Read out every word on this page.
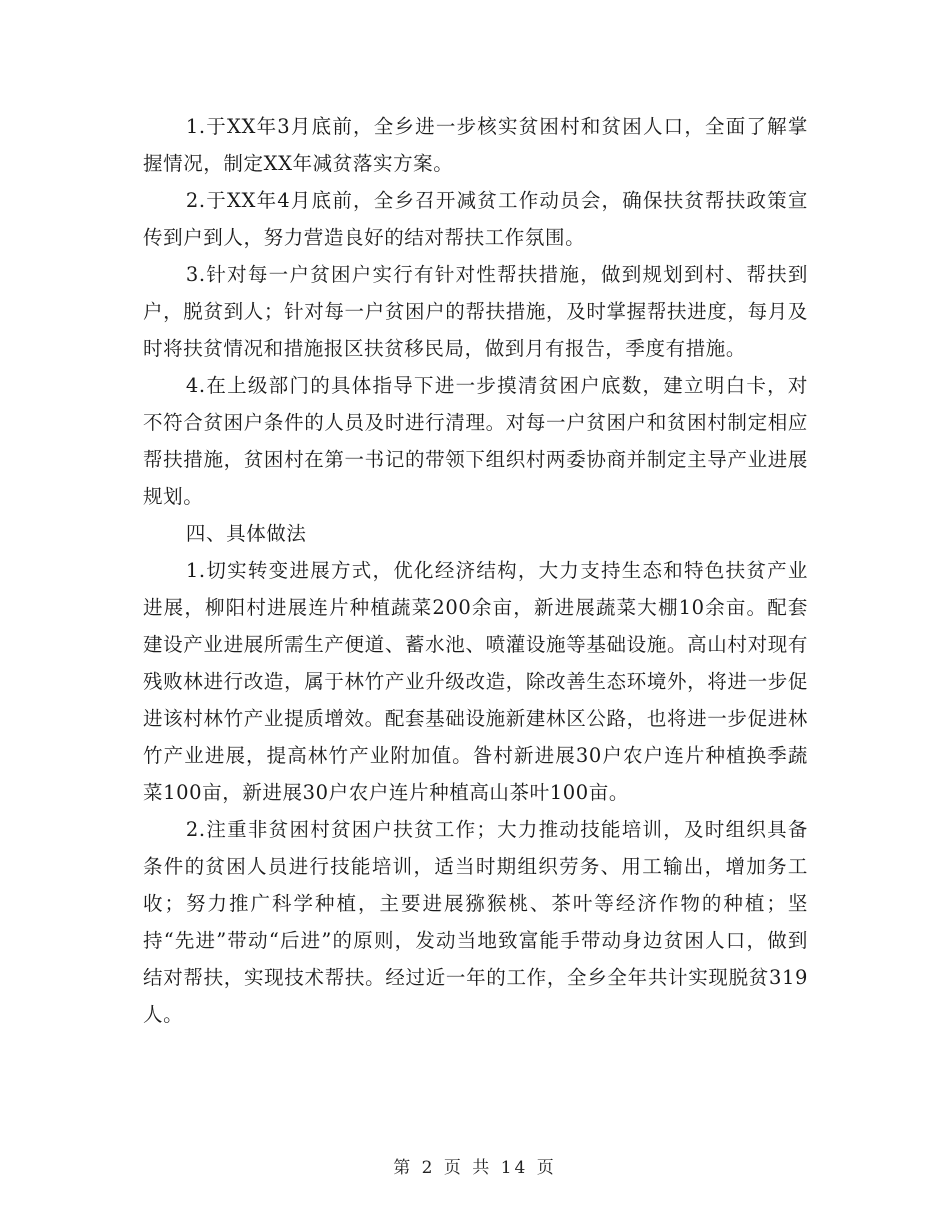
1.于XX年3月底前，全乡进一步核实贫困村和贫困人口，全面了解掌握情况，制定XX年减贫落实方案。

2.于XX年4月底前，全乡召开减贫工作动员会，确保扶贫帮扶政策宣传到户到人，努力营造良好的结对帮扶工作氛围。

3.针对每一户贫困户实行有针对性帮扶措施，做到规划到村、帮扶到户，脱贫到人；针对每一户贫困户的帮扶措施，及时掌握帮扶进度，每月及时将扶贫情况和措施报区扶贫移民局，做到月有报告，季度有措施。

4.在上级部门的具体指导下进一步摸清贫困户底数，建立明白卡，对不符合贫困户条件的人员及时进行清理。对每一户贫困户和贫困村制定相应帮扶措施，贫困村在第一书记的带领下组织村两委协商并制定主导产业进展规划。

四、具体做法

1.切实转变进展方式，优化经济结构，大力支持生态和特色扶贫产业进展，柳阳村进展连片种植蔬菜200余亩，新进展蔬菜大棚10余亩。配套建设产业进展所需生产便道、蓄水池、喷灌设施等基础设施。高山村对现有残败林进行改造，属于林竹产业升级改造，除改善生态环境外，将进一步促进该村林竹产业提质增效。配套基础设施新建林区公路，也将进一步促进林竹产业进展，提高林竹产业附加值。昝村新进展30户农户连片种植换季蔬菜100亩，新进展30户农户连片种植高山茶叶100亩。

2.注重非贫困村贫困户扶贫工作；大力推动技能培训，及时组织具备条件的贫困人员进行技能培训，适当时期组织劳务、用工输出，增加务工收；努力推广科学种植，主要进展猕猴桃、茶叶等经济作物的种植；坚持“先进”带动“后进”的原则，发动当地致富能手带动身边贫困人口，做到结对帮扶，实现技术帮扶。经过近一年的工作，全乡全年共计实现脱贫319人。

第 2 页 共 14 页
